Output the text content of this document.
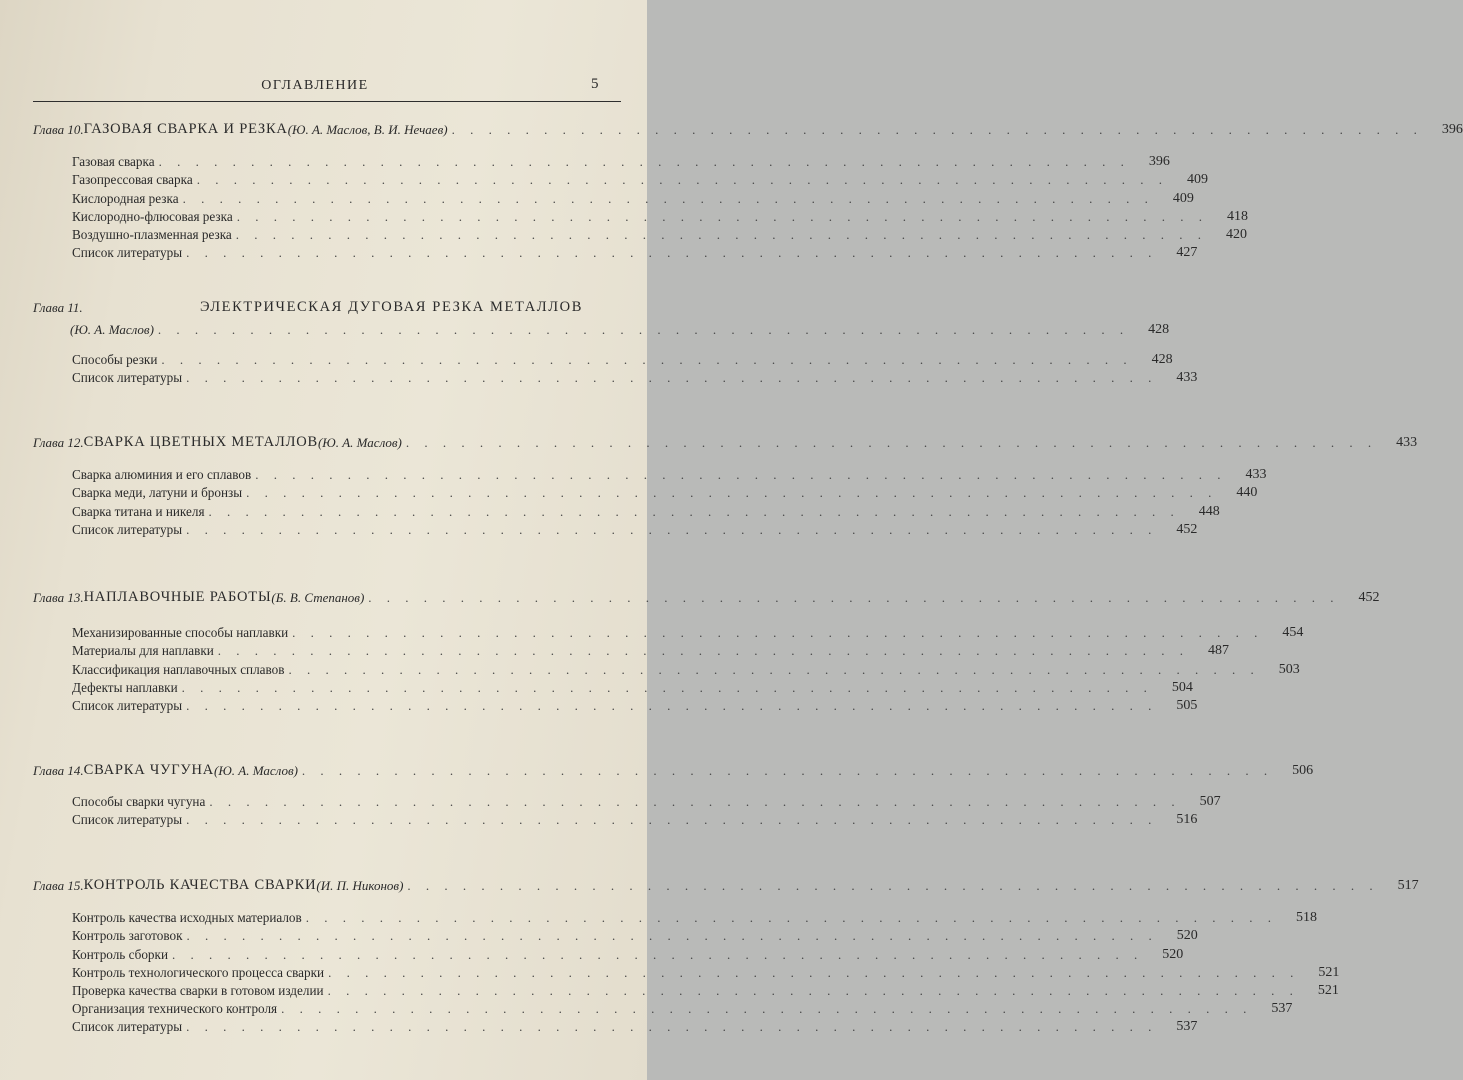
ОГЛАВЛЕНИЕ	5
Глава 10. ГАЗОВАЯ СВАРКА И РЕЗКА (Ю. А. Маслов, В. И. Нечаев) . . . . . . . . . . . . . . . . . . . . . . . . . . . . . . . . . . . . . . . . . . . . . . . . . . . . .	396
Газовая сварка . . . . . . . . . . . . . . . . . . . . . . . . . . . . . . . . . . . . . . . . . . . . . . . . . . . . .	396
Газопрессовая сварка . . . . . . . . . . . . . . . . . . . . . . . . . . . . . . . . . . . . . . . . . . . . . . . . . . . . .	409
Кислородная резка . . . . . . . . . . . . . . . . . . . . . . . . . . . . . . . . . . . . . . . . . . . . . . . . . . . . .	409
Кислородно-флюсовая резка . . . . . . . . . . . . . . . . . . . . . . . . . . . . . . . . . . . . . . . . . . . . . . . . . . . . .	418
Воздушно-плазменная резка . . . . . . . . . . . . . . . . . . . . . . . . . . . . . . . . . . . . . . . . . . . . . . . . . . . . .	420
Список литературы . . . . . . . . . . . . . . . . . . . . . . . . . . . . . . . . . . . . . . . . . . . . . . . . . . . . .	427
Глава 11.	ЭЛЕКТРИЧЕСКАЯ ДУГОВАЯ РЕЗКА МЕТАЛЛОВ
(Ю. А. Маслов) . . . . . . . . . . . . . . . . . . . . . . . . . . . . . . . . . . . . . . . . . . . . . . . . . . . . .	428
Способы резки . . . . . . . . . . . . . . . . . . . . . . . . . . . . . . . . . . . . . . . . . . . . . . . . . . . . .	428
Список литературы . . . . . . . . . . . . . . . . . . . . . . . . . . . . . . . . . . . . . . . . . . . . . . . . . . . . .	433
Глава 12. СВАРКА ЦВЕТНЫХ МЕТАЛЛОВ (Ю. А. Маслов) . . . . . . . . . . . . . . . . . . . . . . . . . . . . . . . . . . . . . . . . . . . . . . . . . . . . .	433
Сварка алюминия и его сплавов . . . . . . . . . . . . . . . . . . . . . . . . . . . . . . . . . . . . . . . . . . . . . . . . . . . . .	433
Сварка меди, латуни и бронзы . . . . . . . . . . . . . . . . . . . . . . . . . . . . . . . . . . . . . . . . . . . . . . . . . . . . .	440
Сварка титана и никеля . . . . . . . . . . . . . . . . . . . . . . . . . . . . . . . . . . . . . . . . . . . . . . . . . . . . .	448
Список литературы . . . . . . . . . . . . . . . . . . . . . . . . . . . . . . . . . . . . . . . . . . . . . . . . . . . . .	452
Глава 13. НАПЛАВОЧНЫЕ РАБОТЫ (Б. В. Степанов) . . . . . . . . . . . . . . . . . . . . . . . . . . . . . . . . . . . . . . . . . . . . . . . . . . . . .	452
Механизированные способы наплавки . . . . . . . . . . . . . . . . . . . . . . . . . . . . . . . . . . . . . . . . . . . . . . . . . . . . .	454
Материалы для наплавки . . . . . . . . . . . . . . . . . . . . . . . . . . . . . . . . . . . . . . . . . . . . . . . . . . . . .	487
Классификация наплавочных сплавов . . . . . . . . . . . . . . . . . . . . . . . . . . . . . . . . . . . . . . . . . . . . . . . . . . . . .	503
Дефекты наплавки . . . . . . . . . . . . . . . . . . . . . . . . . . . . . . . . . . . . . . . . . . . . . . . . . . . . .	504
Список литературы . . . . . . . . . . . . . . . . . . . . . . . . . . . . . . . . . . . . . . . . . . . . . . . . . . . . .	505
Глава 14. СВАРКА ЧУГУНА (Ю. А. Маслов) . . . . . . . . . . . . . . . . . . . . . . . . . . . . . . . . . . . . . . . . . . . . . . . . . . . . .	506
Способы сварки чугуна . . . . . . . . . . . . . . . . . . . . . . . . . . . . . . . . . . . . . . . . . . . . . . . . . . . . .	507
Список литературы . . . . . . . . . . . . . . . . . . . . . . . . . . . . . . . . . . . . . . . . . . . . . . . . . . . . .	516
Глава 15. КОНТРОЛЬ КАЧЕСТВА СВАРКИ (И. П. Никонов) . . . . . . . . . . . . . . . . . . . . . . . . . . . . . . . . . . . . . . . . . . . . . . . . . . . . .	517
Контроль качества исходных материалов . . . . . . . . . . . . . . . . . . . . . . . . . . . . . . . . . . . . . . . . . . . . . . . . . . . . .	518
Контроль заготовок . . . . . . . . . . . . . . . . . . . . . . . . . . . . . . . . . . . . . . . . . . . . . . . . . . . . .	520
Контроль сборки . . . . . . . . . . . . . . . . . . . . . . . . . . . . . . . . . . . . . . . . . . . . . . . . . . . . .	520
Контроль технологического процесса сварки . . . . . . . . . . . . . . . . . . . . . . . . . . . . . . . . . . . . . . . . . . . . . . . . . . . . .	521
Проверка качества сварки в готовом изделии . . . . . . . . . . . . . . . . . . . . . . . . . . . . . . . . . . . . . . . . . . . . . . . . . . . . .	521
Организация технического контроля . . . . . . . . . . . . . . . . . . . . . . . . . . . . . . . . . . . . . . . . . . . . . . . . . . . . .	537
Список литературы . . . . . . . . . . . . . . . . . . . . . . . . . . . . . . . . . . . . . . . . . . . . . . . . . . . . .	537
